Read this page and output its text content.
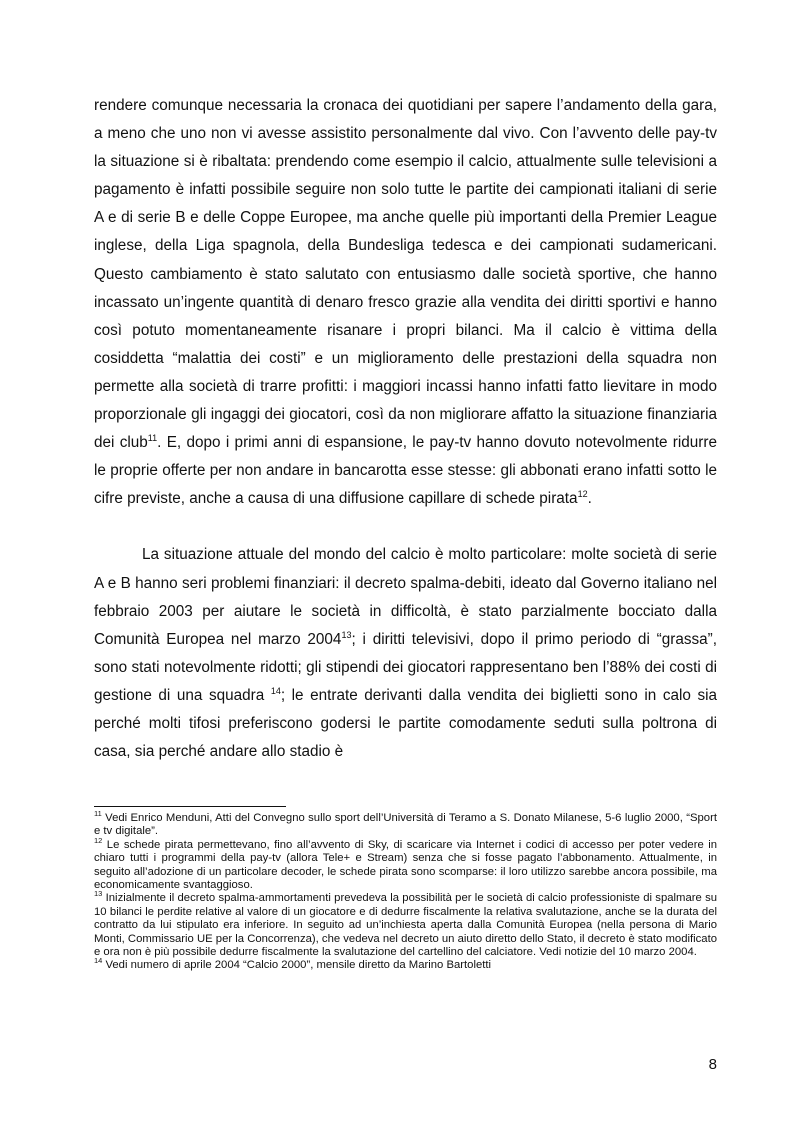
rendere comunque necessaria la cronaca dei quotidiani per sapere l’andamento della gara, a meno che uno non vi avesse assistito personalmente dal vivo. Con l’avvento delle pay-tv la situazione si è ribaltata: prendendo come esempio il calcio, attualmente sulle televisioni a pagamento è infatti possibile seguire non solo tutte le partite dei campionati italiani di serie A e di serie B e delle Coppe Europee, ma anche quelle più importanti della Premier League inglese, della Liga spagnola, della Bundesliga tedesca e dei campionati sudamericani. Questo cambiamento è stato salutato con entusiasmo dalle società sportive, che hanno incassato un’ingente quantità di denaro fresco grazie alla vendita dei diritti sportivi e hanno così potuto momentaneamente risanare i propri bilanci. Ma il calcio è vittima della cosiddetta “malattia dei costi” e un miglioramento delle prestazioni della squadra non permette alla società di trarre profitti: i maggiori incassi hanno infatti fatto lievitare in modo proporzionale gli ingaggi dei giocatori, così da non migliorare affatto la situazione finanziaria dei club$^{11}$. E, dopo i primi anni di espansione, le pay-tv hanno dovuto notevolmente ridurre le proprie offerte per non andare in bancarotta esse stesse: gli abbonati erano infatti sotto le cifre previste, anche a causa di una diffusione capillare di schede pirata$^{12}$.

La situazione attuale del mondo del calcio è molto particolare: molte società di serie A e B hanno seri problemi finanziari: il decreto spalma-debiti, ideato dal Governo italiano nel febbraio 2003 per aiutare le società in difficoltà, è stato parzialmente bocciato dalla Comunità Europea nel marzo 2004$^{13}$; i diritti televisivi, dopo il primo periodo di “grassa”, sono stati notevolmente ridotti; gli stipendi dei giocatori rappresentano ben l’88% dei costi di gestione di una squadra $^{14}$; le entrate derivanti dalla vendita dei biglietti sono in calo sia perché molti tifosi preferiscono godersi le partite comodamente seduti sulla poltrona di casa, sia perché andare allo stadio è

$^{11}$ Vedi Enrico Menduni, Atti del Convegno sullo sport dell’Università di Teramo a S. Donato Milanese, 5-6 luglio 2000, “Sport e tv digitale”.

$^{12}$ Le schede pirata permettevano, fino all’avvento di Sky, di scaricare via Internet i codici di accesso per poter vedere in chiaro tutti i programmi della pay-tv (allora Tele+ e Stream) senza che si fosse pagato l’abbonamento. Attualmente, in seguito all’adozione di un particolare decoder, le schede pirata sono scomparse: il loro utilizzo sarebbe ancora possibile, ma economicamente svantaggioso.

$^{13}$ Inizialmente il decreto spalma-ammortamenti prevedeva la possibilità per le società di calcio professioniste di spalmare su 10 bilanci le perdite relative al valore di un giocatore e di dedurre fiscalmente la relativa svalutazione, anche se la durata del contratto da lui stipulato era inferiore. In seguito ad un’inchiesta aperta dalla Comunità Europea (nella persona di Mario Monti, Commissario UE per la Concorrenza), che vedeva nel decreto un aiuto diretto dello Stato, il decreto è stato modificato e ora non è più possibile dedurre fiscalmente la svalutazione del cartellino del calciatore. Vedi notizie del 10 marzo 2004.

$^{14}$ Vedi numero di aprile 2004 “Calcio 2000”, mensile diretto da Marino Bartoletti

8
